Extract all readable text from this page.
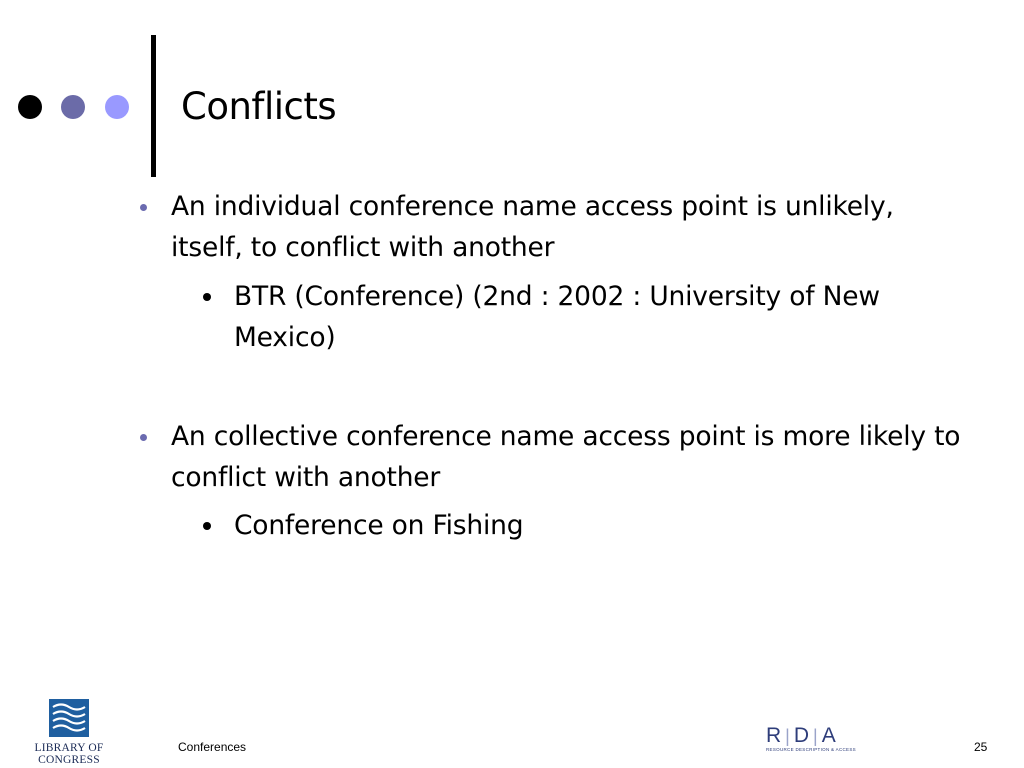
Conflicts
An individual conference name access point is unlikely, itself, to conflict with another
BTR (Conference) (2nd : 2002 : University of New Mexico)
An collective conference name access point is more likely to conflict with another
Conference on Fishing
LIBRARY OF
CONGRESS
Conferences	R | D | A
RESOURCE DESCRIPTION & ACCESS	25
